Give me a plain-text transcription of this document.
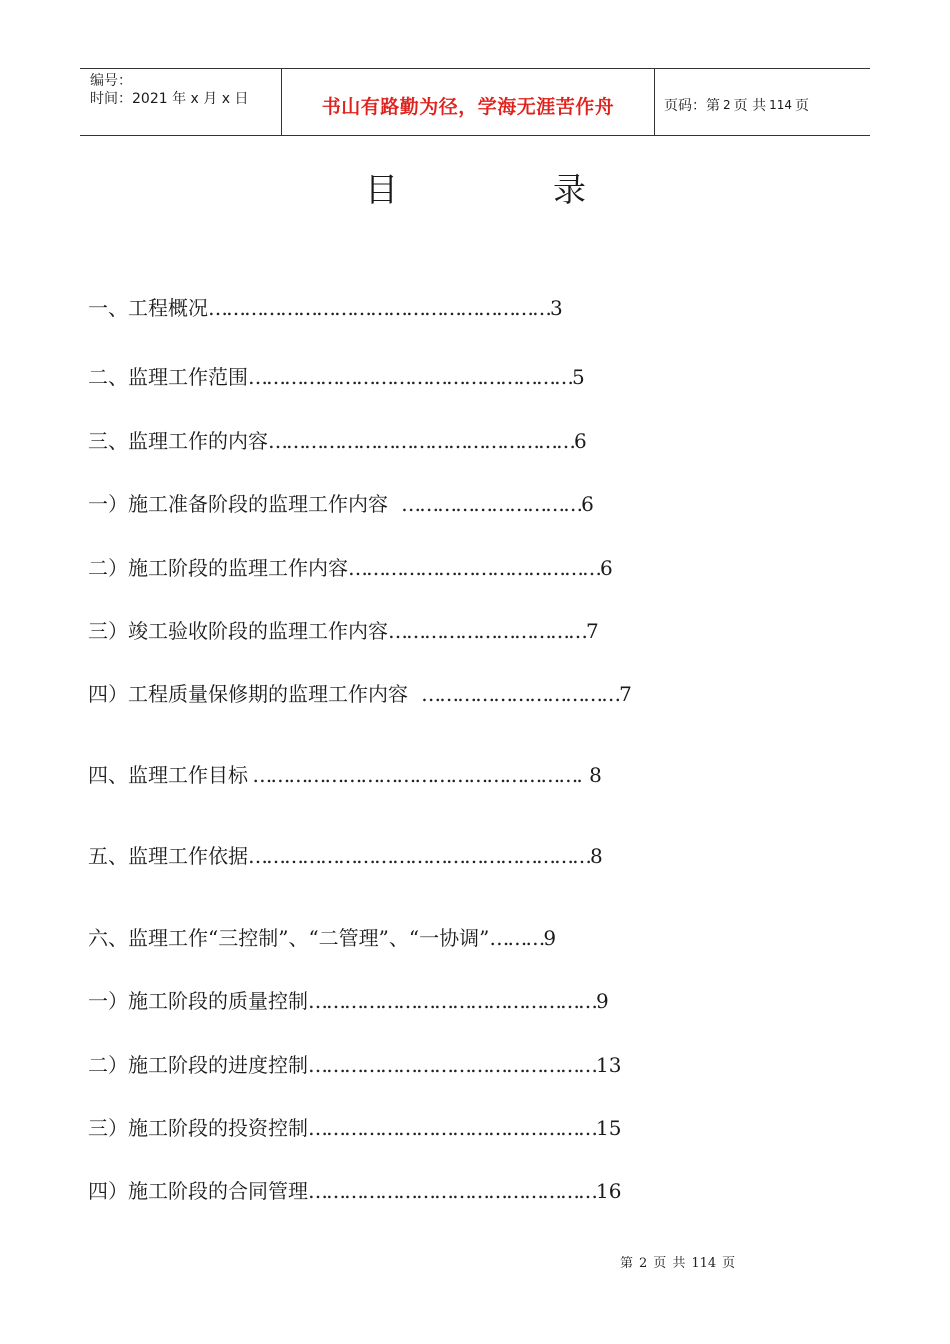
编号：
时间：2021 年 x 月 x 日	书山有路勤为径，学海无涯苦作舟	页码：第 2 页 共 114 页
目	录
一、工程概况…………………………………………………3
二、监理工作范围………………………………………………5
三、监理工作的内容……………………………………………6
一）施工准备阶段的监理工作内容   …………………………6
二）施工阶段的监理工作内容……………………………………6
三）竣工验收阶段的监理工作内容……………………………7
四）工程质量保修期的监理工作内容   ……………………………7
四、监理工作目标 ………………………………………………. 8
五、监理工作依据…………………………………………………8
六、监理工作“三控制”、“二管理”、“一协调”………9
一）施工阶段的质量控制…………………………………………9
二）施工阶段的进度控制…………………………………………13
三）施工阶段的投资控制…………………………………………15
四）施工阶段的合同管理…………………………………………16
第 2 页 共 114 页
